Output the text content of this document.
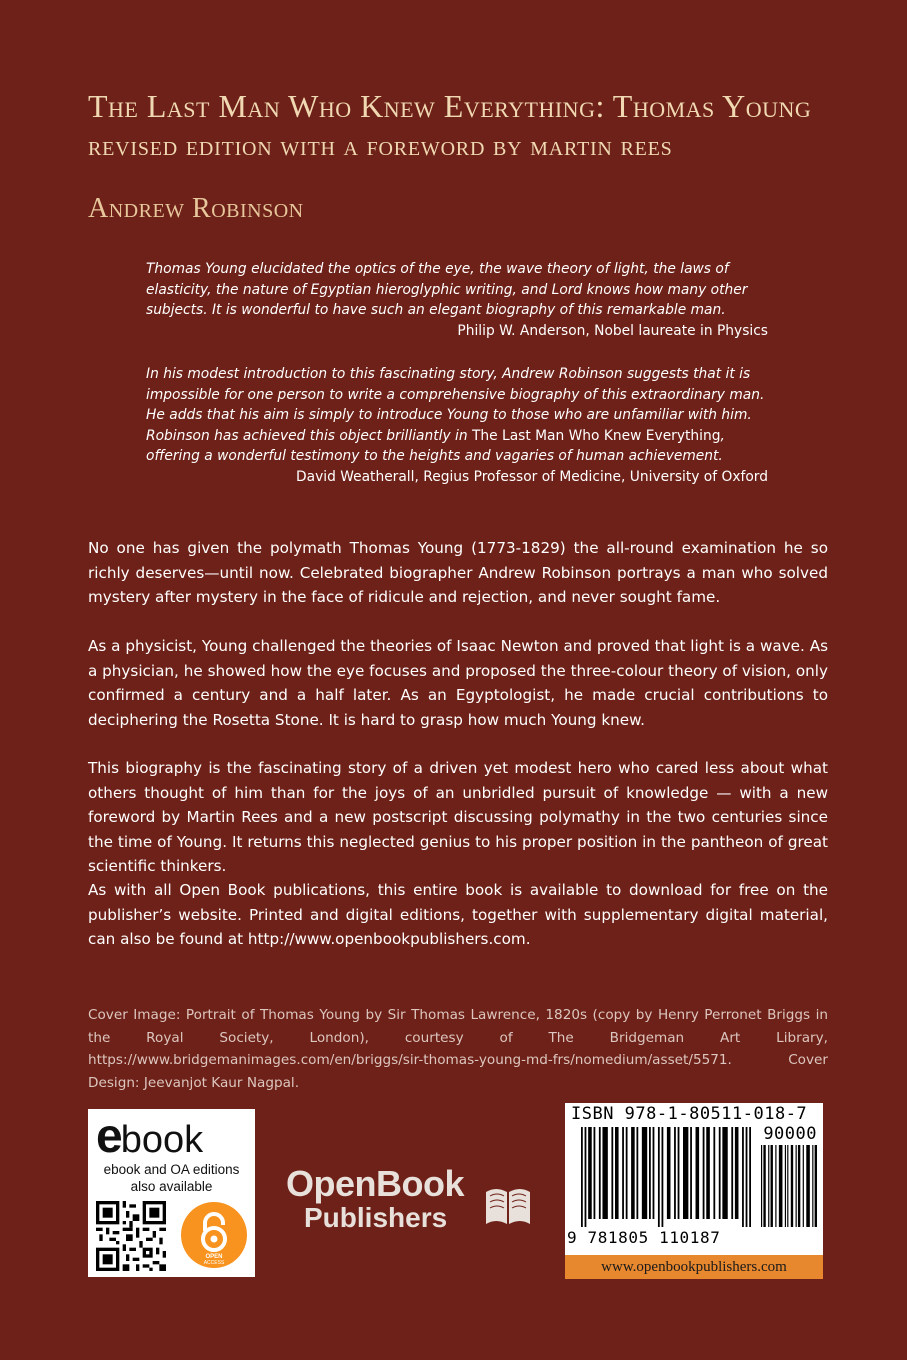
The Last Man Who Knew Everything: Thomas Young
revised edition with a foreword by martin rees
Andrew Robinson
Thomas Young elucidated the optics of the eye, the wave theory of light, the laws of elasticity, the nature of Egyptian hieroglyphic writing, and Lord knows how many other subjects. It is wonderful to have such an elegant biography of this remarkable man.
Philip W. Anderson, Nobel laureate in Physics
In his modest introduction to this fascinating story, Andrew Robinson suggests that it is impossible for one person to write a comprehensive biography of this extraordinary man. He adds that his aim is simply to introduce Young to those who are unfamiliar with him. Robinson has achieved this object brilliantly in The Last Man Who Knew Everything, offering a wonderful testimony to the heights and vagaries of human achievement.
David Weatherall, Regius Professor of Medicine, University of Oxford
No one has given the polymath Thomas Young (1773-1829) the all-round examination he so richly deserves—until now. Celebrated biographer Andrew Robinson portrays a man who solved mystery after mystery in the face of ridicule and rejection, and never sought fame.
As a physicist, Young challenged the theories of Isaac Newton and proved that light is a wave. As a physician, he showed how the eye focuses and proposed the three-colour theory of vision, only confirmed a century and a half later. As an Egyptologist, he made crucial contributions to deciphering the Rosetta Stone. It is hard to grasp how much Young knew.
This biography is the fascinating story of a driven yet modest hero who cared less about what others thought of him than for the joys of an unbridled pursuit of knowledge — with a new foreword by Martin Rees and a new postscript discussing polymathy in the two centuries since the time of Young. It returns this neglected genius to his proper position in the pantheon of great scientific thinkers.
As with all Open Book publications, this entire book is available to download for free on the publisher’s website. Printed and digital editions, together with supplementary digital material, can also be found at http://www.openbookpublishers.com.
Cover Image: Portrait of Thomas Young by Sir Thomas Lawrence, 1820s (copy by Henry Perronet Briggs in the Royal Society, London), courtesy of The Bridgeman Art Library, https://www.bridgemanimages.com/en/briggs/sir-thomas-young-md-frs/nomedium/asset/5571. Cover Design: Jeevanjot Kaur Nagpal.
ebook
ebook and OA editions
also available
OPEN
ACCESS
OpenBook
Publishers
ISBN 978-1-80511-018-7
90000
9 781805 110187
www.openbookpublishers.com
